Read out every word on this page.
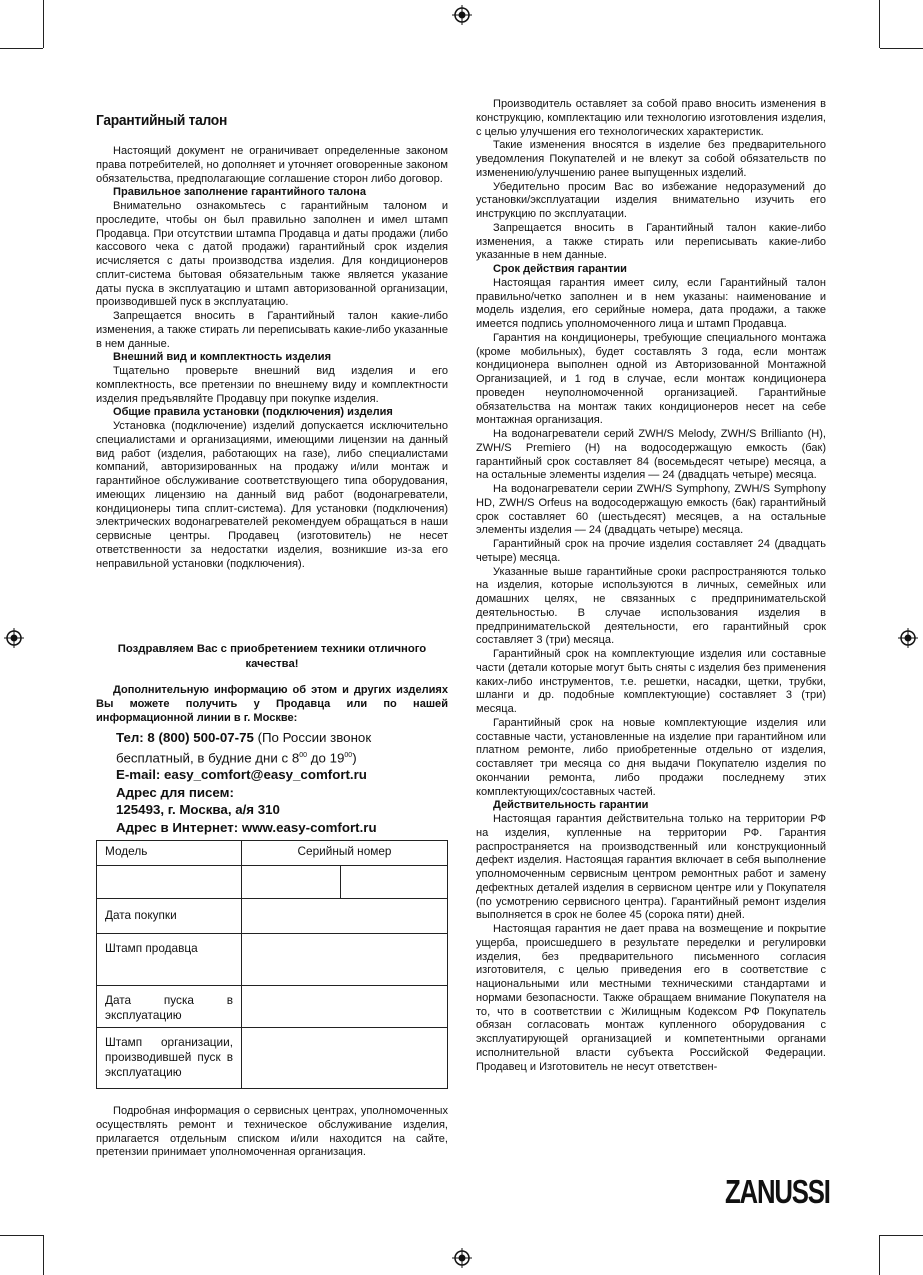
Гарантийный талон

Настоящий документ не ограничивает определенные законом права потребителей, но дополняет и уточняет оговоренные законом обязательства, предполагающие соглашение сторон либо договор.

Правильное заполнение гарантийного талона

Внимательно ознакомьтесь с гарантийным талоном и проследите, чтобы он был правильно заполнен и имел штамп Продавца. При отсутствии штампа Продавца и даты продажи (либо кассового чека с датой продажи) гарантийный срок изделия исчисляется с даты производства изделия. Для кондиционеров сплит-система бытовая обязательным также является указание даты пуска в эксплуатацию и штамп авторизованной организации, производившей пуск в эксплуатацию.

Запрещается вносить в Гарантийный талон какие-либо изменения, а также стирать ли переписывать какие-либо указанные в нем данные.

Внешний вид и комплектность изделия

Тщательно проверьте внешний вид изделия и его комплектность, все претензии по внешнему виду и комплектности изделия предъявляйте Продавцу при покупке изделия.

Общие правила установки (подключения) изделия

Установка (подключение) изделий допускается исключительно специалистами и организациями, имеющими лицензии на данный вид работ (изделия, работающих на газе), либо специалистами компаний, авторизированных на продажу и/или монтаж и гарантийное обслуживание соответствующего типа оборудования, имеющих лицензию на данный вид работ (водонагреватели, кондиционеры типа сплит-система). Для установки (подключения) электрических водонагревателей рекомендуем обращаться в наши сервисные центры. Продавец (изготовитель) не несет ответственности за недостатки изделия, возникшие из-за его неправильной установки (подключения).

Поздравляем Вас с приобретением техники отличного качества!

Дополнительную информацию об этом и других изделиях Вы можете получить у Продавца или по нашей информационной линии в г. Москве:

Тел: 8 (800) 500-07-75 (По России звонок
бесплатный, в будние дни с $8^{00}$ до $19^{00}$)
E-mail: easy_comfort@easy_comfort.ru
Адрес для писем:
125493, г. Москва, а/я 310
Адрес в Интернет: www.easy-comfort.ru
Модель	Серийный номер	

Дата покупки		
Штамп продавца		
Дата пуска в эксплуатацию		
Штамп организации, производившей пуск в эксплуатацию		

Подробная информация о сервисных центрах, уполномоченных осуществлять ремонт и техническое обслуживание изделия, прилагается отдельным списком и/или находится на сайте, претензии принимает уполномоченная организация.

Производитель оставляет за собой право вносить изменения в конструкцию, комплектацию или технологию изготовления изделия, с целью улучшения его технологических характеристик.

Такие изменения вносятся в изделие без предварительного уведомления Покупателей и не влекут за собой обязательств по изменению/улучшению ранее выпущенных изделий.

Убедительно просим Вас во избежание недоразумений до установки/эксплуатации изделия внимательно изучить его инструкцию по эксплуатации.

Запрещается вносить в Гарантийный талон какие-либо изменения, а также стирать или переписывать какие-либо указанные в нем данные.

Срок действия гарантии

Настоящая гарантия имеет силу, если Гарантийный талон правильно/четко заполнен и в нем указаны: наименование и модель изделия, его серийные номера, дата продажи, а также имеется подпись уполномоченного лица и штамп Продавца.

Гарантия на кондиционеры, требующие специального монтажа (кроме мобильных), будет составлять 3 года, если монтаж кондиционера выполнен одной из Авторизованной Монтажной Организацией, и 1 год в случае, если монтаж кондиционера проведен неуполномоченной организацией. Гарантийные обязательства на монтаж таких кондиционеров несет на себе монтажная организация.

На водонагреватели серий ZWH/S Melody, ZWH/S Brillianto (H), ZWH/S Premiero (H) на водосодержащую емкость (бак) гарантийный срок составляет 84 (восемьдесят четыре) месяца, а на остальные элементы изделия — 24 (двадцать четыре) месяца.

На водонагреватели серии ZWH/S Symphony, ZWH/S Symphony HD, ZWH/S Orfeus на водосодержащую емкость (бак) гарантийный срок составляет 60 (шестьдесят) месяцев, а на остальные элементы изделия — 24 (двадцать четыре) месяца.

Гарантийный срок на прочие изделия составляет 24 (двадцать четыре) месяца.

Указанные выше гарантийные сроки распространяются только на изделия, которые используются в личных, семейных или домашних целях, не связанных с предпринимательской деятельностью. В случае использования изделия в предпринимательской деятельности, его гарантийный срок составляет 3 (три) месяца.

Гарантийный срок на комплектующие изделия или составные части (детали которые могут быть сняты с изделия без применения каких-либо инструментов, т.е. решетки, насадки, щетки, трубки, шланги и др. подобные комплектующие) составляет 3 (три) месяца.

Гарантийный срок на новые комплектующие изделия или составные части, установленные на изделие при гарантийном или платном ремонте, либо приобретенные отдельно от изделия, составляет три месяца со дня выдачи Покупателю изделия по окончании ремонта, либо продажи последнему этих комплектующих/составных частей.

Действительность гарантии

Настоящая гарантия действительна только на территории РФ на изделия, купленные на территории РФ. Гарантия распространяется на производственный или конструкционный дефект изделия. Настоящая гарантия включает в себя выполнение уполномоченным сервисным центром ремонтных работ и замену дефектных деталей изделия в сервисном центре или у Покупателя (по усмотрению сервисного центра). Гарантийный ремонт изделия выполняется в срок не более 45 (сорока пяти) дней.

Настоящая гарантия не дает права на возмещение и покрытие ущерба, происшедшего в результате переделки и регулировки изделия, без предварительного письменного согласия изготовителя, с целью приведения его в соответствие с национальными или местными техническими стандартами и нормами безопасности. Также обращаем внимание Покупателя на то, что в соответствии с Жилищным Кодексом РФ Покупатель обязан согласовать монтаж купленного оборудования с эксплуатирующей организацией и компетентными органами исполнительной власти субъекта Российской Федерации. Продавец и Изготовитель не несут ответствен-

ZANUSSI
